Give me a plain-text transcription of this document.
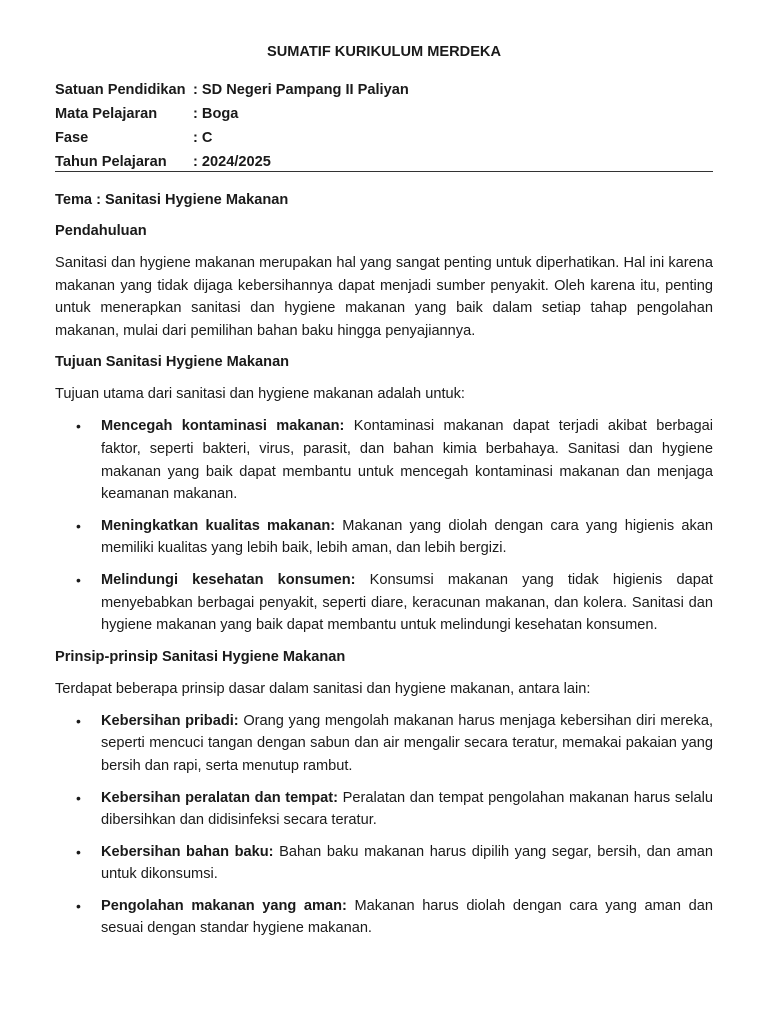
SUMATIF KURIKULUM MERDEKA
Satuan Pendidikan : SD Negeri Pampang II Paliyan
Mata Pelajaran	: Boga
Fase	: C
Tahun Pelajaran	: 2024/2025

Tema : Sanitasi Hygiene Makanan

Pendahuluan

Sanitasi dan hygiene makanan merupakan hal yang sangat penting untuk diperhatikan. Hal ini karena makanan yang tidak dijaga kebersihannya dapat menjadi sumber penyakit. Oleh karena itu, penting untuk menerapkan sanitasi dan hygiene makanan yang baik dalam setiap tahap pengolahan makanan, mulai dari pemilihan bahan baku hingga penyajiannya.

Tujuan Sanitasi Hygiene Makanan

Tujuan utama dari sanitasi dan hygiene makanan adalah untuk:

• Mencegah kontaminasi makanan: Kontaminasi makanan dapat terjadi akibat berbagai faktor, seperti bakteri, virus, parasit, dan bahan kimia berbahaya. Sanitasi dan hygiene makanan yang baik dapat membantu untuk mencegah kontaminasi makanan dan menjaga keamanan makanan.
• Meningkatkan kualitas makanan: Makanan yang diolah dengan cara yang higienis akan memiliki kualitas yang lebih baik, lebih aman, dan lebih bergizi.
• Melindungi kesehatan konsumen: Konsumsi makanan yang tidak higienis dapat menyebabkan berbagai penyakit, seperti diare, keracunan makanan, dan kolera. Sanitasi dan hygiene makanan yang baik dapat membantu untuk melindungi kesehatan konsumen.

Prinsip-prinsip Sanitasi Hygiene Makanan

Terdapat beberapa prinsip dasar dalam sanitasi dan hygiene makanan, antara lain:

• Kebersihan pribadi: Orang yang mengolah makanan harus menjaga kebersihan diri mereka, seperti mencuci tangan dengan sabun dan air mengalir secara teratur, memakai pakaian yang bersih dan rapi, serta menutup rambut.
• Kebersihan peralatan dan tempat: Peralatan dan tempat pengolahan makanan harus selalu dibersihkan dan didisinfeksi secara teratur.
• Kebersihan bahan baku: Bahan baku makanan harus dipilih yang segar, bersih, dan aman untuk dikonsumsi.
• Pengolahan makanan yang aman: Makanan harus diolah dengan cara yang aman dan sesuai dengan standar hygiene makanan.
